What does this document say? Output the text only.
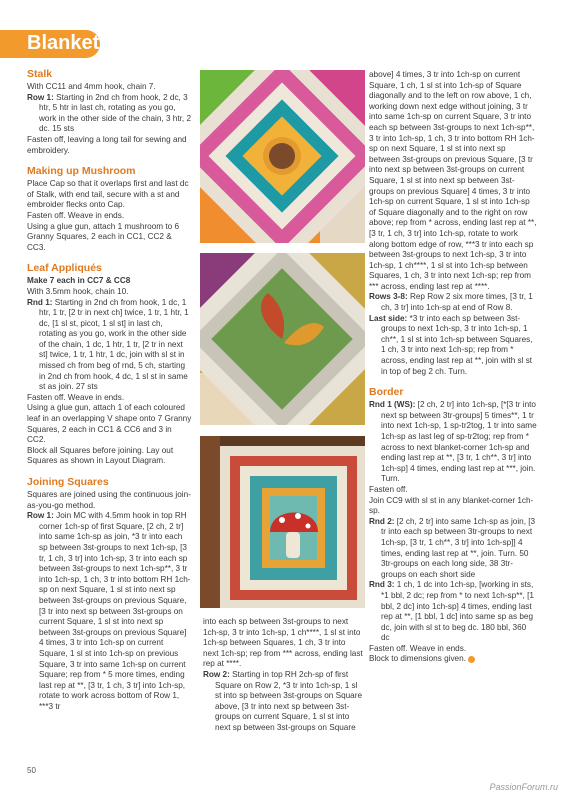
Blanket
Stalk

With CC11 and 4mm hook, chain 7.

Row 1: Starting in 2nd ch from hook, 2 dc, 3 htr, 5 htr in last ch, rotating as you go, work in the other side of the chain, 3 htr, 2 dc. 15 sts

Fasten off, leaving a long tail for sewing and embroidery.

Making up Mushroom

Place Cap so that it overlaps first and last dc of Stalk, with end tail, secure with a st and embroider flecks onto Cap.

Fasten off. Weave in ends.

Using a glue gun, attach 1 mushroom to 6 Granny Squares, 2 each in CC1, CC2 & CC3.

Leaf Appliqués

Make 7 each in CC7 & CC8

With 3.5mm hook, chain 10.

Rnd 1: Starting in 2nd ch from hook, 1 dc, 1 htr, 1 tr, [2 tr in next ch] twice, 1 tr, 1 htr, 1 dc, [1 sl st, picot, 1 sl st] in last ch, rotating as you go, work in the other side of the chain, 1 dc, 1 htr, 1 tr, [2 tr in next st] twice, 1 tr, 1 htr, 1 dc, join with sl st in missed ch from beg of rnd, 5 ch, starting in 2nd ch from hook, 4 dc, 1 sl st in same st as join. 27 sts

Fasten off. Weave in ends.

Using a glue gun, attach 1 of each coloured leaf in an overlapping V shape onto 7 Granny Squares, 2 each in CC1 & CC6 and 3 in CC2.

Block all Squares before joining. Lay out Squares as shown in Layout Diagram.

Joining Squares

Squares are joined using the continuous join-as-you-go method.

Row 1: Join MC with 4.5mm hook in top RH corner 1ch-sp of first Square, [2 ch, 2 tr] into same 1ch-sp as join, *3 tr into each sp between 3st-groups to next 1ch-sp, [3 tr, 1 ch, 3 tr] into 1ch-sp, 3 tr into each sp between 3st-groups to next 1ch-sp**, 3 tr into 1ch-sp, 1 ch, 3 tr into bottom RH 1ch-sp on next Square, 1 sl st into next sp between 3st-groups on previous Square, [3 tr into next sp between 3st-groups on current Square, 1 sl st into next sp between 3st-groups on previous Square] 4 times, 3 tr into 1ch-sp on current Square, 1 sl st into 1ch-sp on previous Square, 3 tr into same 1ch-sp on current Square; rep from * 5 more times, ending last rep at **, [3 tr, 1 ch, 3 tr] into 1ch-sp, rotate to work across bottom of Row 1, ***3 tr

into each sp between 3st-groups to next 1ch-sp, 3 tr into 1ch-sp, 1 ch****, 1 sl st into 1ch-sp between Squares, 1 ch, 3 tr into next 1ch-sp; rep from *** across, ending last rep at ****.

Row 2: Starting in top RH 2ch-sp of first Square on Row 2, *3 tr into 1ch-sp, 1 sl st into sp between 3st-groups on Square above, [3 tr into next sp between 3st-groups on current Square, 1 sl st into next sp between 3st-groups on Square

above] 4 times, 3 tr into 1ch-sp on current Square, 1 ch, 1 sl st into 1ch-sp of Square diagonally and to the left on row above, 1 ch, working down next edge without joining, 3 tr into same 1ch-sp on current Square, 3 tr into each sp between 3st-groups to next 1ch-sp**, 3 tr into 1ch-sp, 1 ch, 3 tr into bottom RH 1ch-sp on next Square, 1 sl st into next sp between 3st-groups on previous Square, [3 tr into next sp between 3st-groups on current Square, 1 sl st into next sp between 3st-groups on previous Square] 4 times, 3 tr into 1ch-sp on current Square, 1 sl st into 1ch-sp of Square diagonally and to the right on row above; rep from * across, ending last rep at **, [3 tr, 1 ch, 3 tr] into 1ch-sp, rotate to work along bottom edge of row, ***3 tr into each sp between 3st-groups to next 1ch-sp, 3 tr into 1ch-sp, 1 ch****, 1 sl st into 1ch-sp between Squares, 1 ch, 3 tr into next 1ch-sp; rep from *** across, ending last rep at ****.

Rows 3-8: Rep Row 2 six more times, [3 tr, 1 ch, 3 tr] into 1ch-sp at end of Row 8.

Last side: *3 tr into each sp between 3st-groups to next 1ch-sp, 3 tr into 1ch-sp, 1 ch**, 1 sl st into 1ch-sp between Squares, 1 ch, 3 tr into next 1ch-sp; rep from * across, ending last rep at **, join with sl st in top of beg 2 ch. Turn.

Border

Rnd 1 (WS): [2 ch, 2 tr] into 1ch-sp, [*[3 tr into next sp between 3tr-groups] 5 times**, 1 tr into next 1ch-sp, 1 sp-tr2tog, 1 tr into same 1ch-sp as last leg of sp-tr2tog; rep from * across to next blanket-corner 1ch-sp and ending last rep at **, [3 tr, 1 ch**, 3 tr] into 1ch-sp] 4 times, ending last rep at ***, join. Turn.

Fasten off.

Join CC9 with sl st in any blanket-corner 1ch-sp.

Rnd 2: [2 ch, 2 tr] into same 1ch-sp as join, [3 tr into each sp between 3tr-groups to next 1ch-sp, [3 tr, 1 ch**, 3 tr] into 1ch-sp]] 4 times, ending last rep at **, join. Turn. 50 3tr-groups on each long side, 38 3tr-groups on each short side

Rnd 3: 1 ch, 1 dc into 1ch-sp, [working in sts, *1 bbl, 2 dc; rep from * to next 1ch-sp**, [1 bbl, 2 dc] into 1ch-sp] 4 times, ending last rep at **, [1 bbl, 1 dc] into same sp as beg dc, join with sl st to beg dc. 180 bbl, 360 dc

Fasten off. Weave in ends.

Block to dimensions given.

50
PassionForum.ru
